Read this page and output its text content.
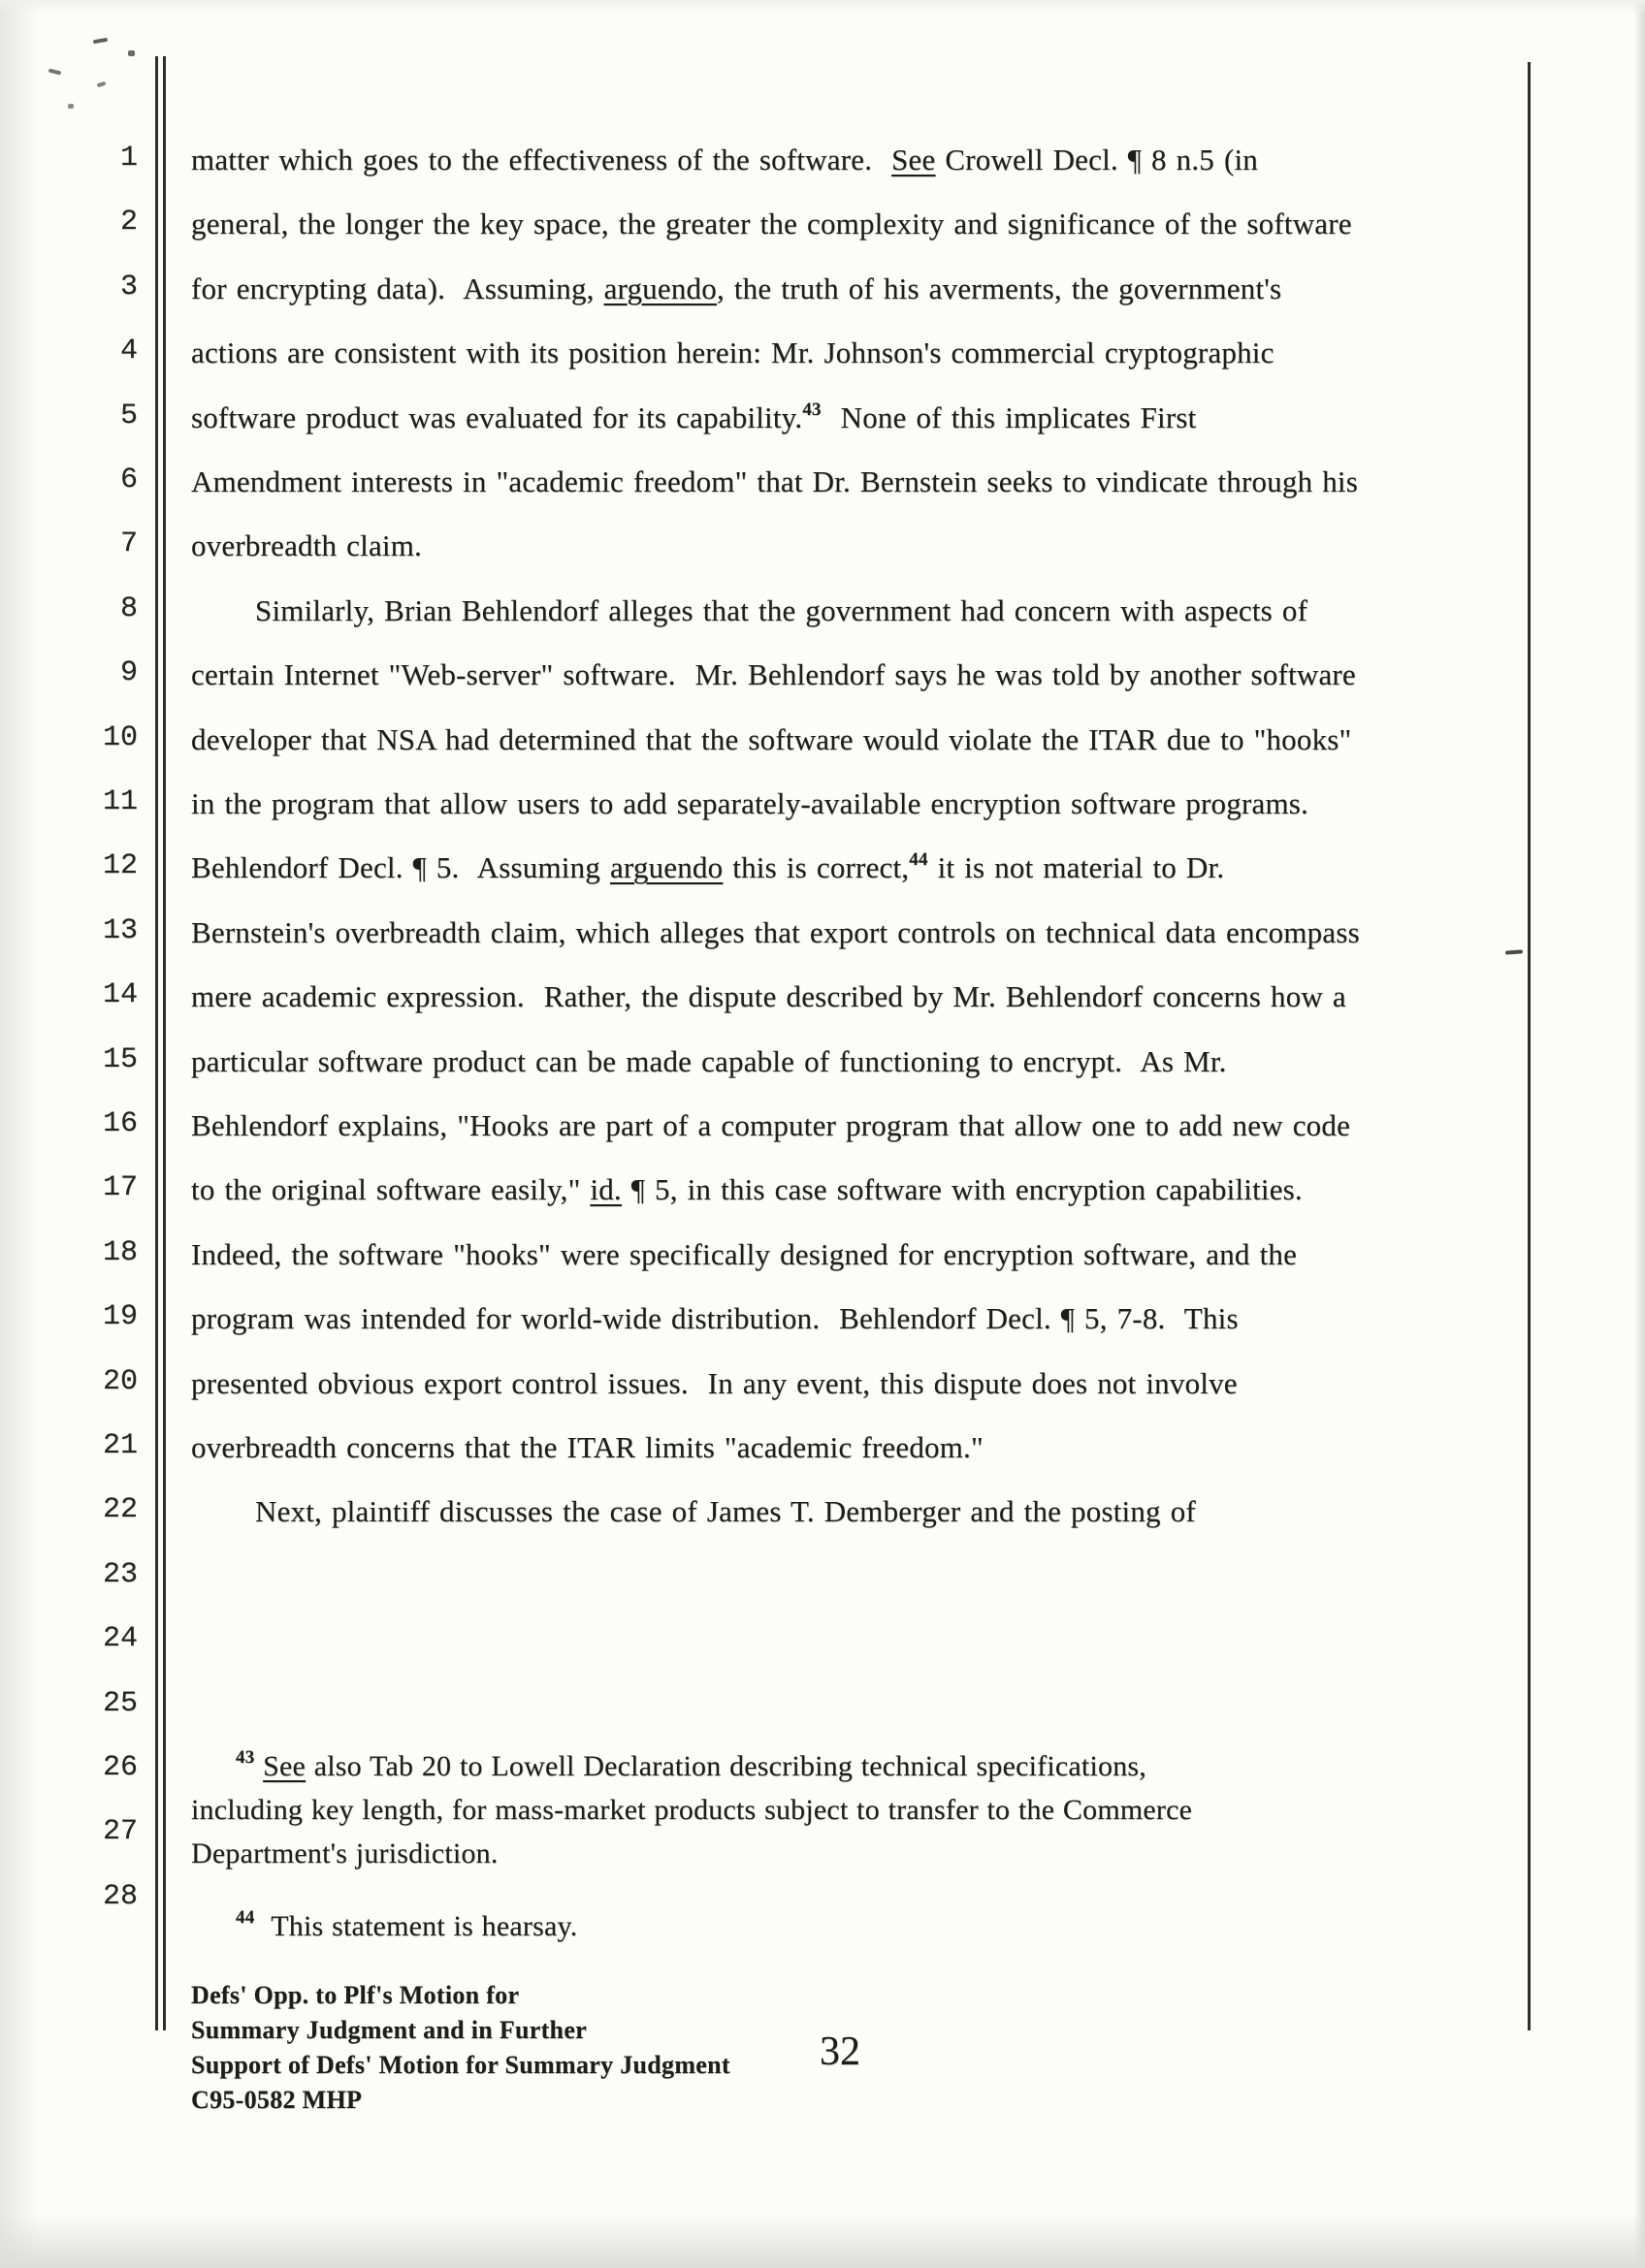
1
2
3
4
5
6
7
8
9
10
11
12
13
14
15
16
17
18
19
20
21
22
23
24
25
26
27
28
matter which goes to the effectiveness of the software.  See Crowell Decl. ¶ 8 n.5 (in
general, the longer the key space, the greater the complexity and significance of the software
for encrypting data).  Assuming, arguendo, the truth of his averments, the government's
actions are consistent with its position herein: Mr. Johnson's commercial cryptographic
software product was evaluated for its capability.$^{43}$  None of this implicates First
Amendment interests in "academic freedom" that Dr. Bernstein seeks to vindicate through his
overbreadth claim.
Similarly, Brian Behlendorf alleges that the government had concern with aspects of
certain Internet "Web-server" software.  Mr. Behlendorf says he was told by another software
developer that NSA had determined that the software would violate the ITAR due to "hooks"
in the program that allow users to add separately-available encryption software programs.
Behlendorf Decl. ¶ 5.  Assuming arguendo this is correct,$^{44}$ it is not material to Dr.
Bernstein's overbreadth claim, which alleges that export controls on technical data encompass
mere academic expression.  Rather, the dispute described by Mr. Behlendorf concerns how a
particular software product can be made capable of functioning to encrypt.  As Mr.
Behlendorf explains, "Hooks are part of a computer program that allow one to add new code
to the original software easily," id. ¶ 5, in this case software with encryption capabilities.
Indeed, the software "hooks" were specifically designed for encryption software, and the
program was intended for world-wide distribution.  Behlendorf Decl. ¶ 5, 7-8.  This
presented obvious export control issues.  In any event, this dispute does not involve
overbreadth concerns that the ITAR limits "academic freedom."
Next, plaintiff discusses the case of James T. Demberger and the posting of
$^{43}$ See also Tab 20 to Lowell Declaration describing technical specifications,
including key length, for mass-market products subject to transfer to the Commerce
Department's jurisdiction.
$^{44}$  This statement is hearsay.
Defs' Opp. to Plf's Motion for
Summary Judgment and in Further
Support of Defs' Motion for Summary Judgment
C95-0582 MHP
32
